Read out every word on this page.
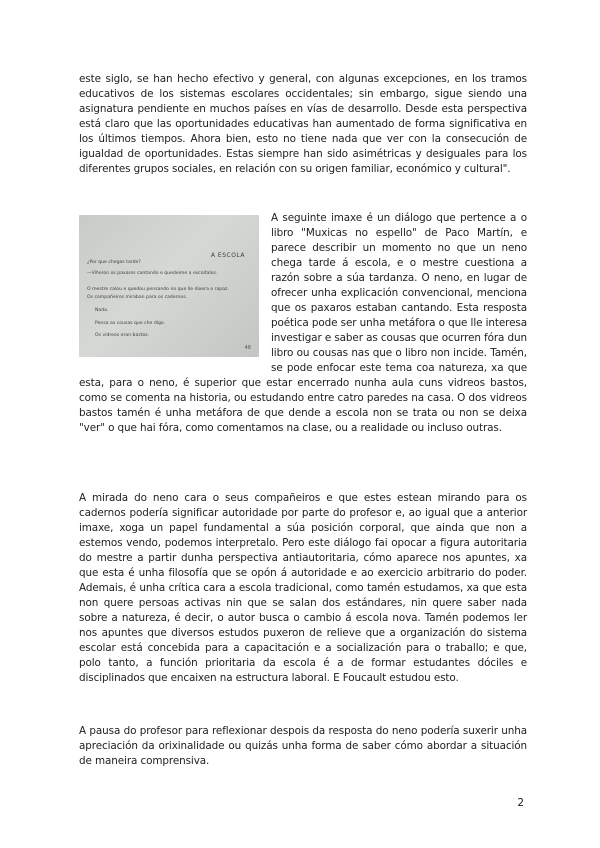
este siglo, se han hecho efectivo y general, con algunas excepciones, en los tramos educativos de los sistemas escolares occidentales; sin embargo, sigue siendo una asignatura pendiente en muchos países en vías de desarrollo. Desde esta perspectiva está claro que las oportunidades educativas han aumentado de forma significativa en los últimos tiempos. Ahora bien, esto no tiene nada que ver con la consecución de igualdad de oportunidades. Estas siempre han sido asimétricas y desiguales para los diferentes grupos sociales, en relación con su origen familiar, económico y cultural".

A ESCOLA
¿Por que chegas tarde?
—Viñeron os paxaros cantando e quedeime a escoitalos.
O mestre calou e quedou pensando no que lle dixera o rapaz.
Os compañeiros miraban para os cadernos.
Nada.
Pensa as cousas que che digo.
Os vidreos eran bastos.
48

A seguinte imaxe é un diálogo que pertence a o libro "Muxicas no espello" de Paco Martín, e parece describir un momento no que un neno chega tarde á escola, e o mestre cuestiona a razón sobre a súa tardanza. O neno, en lugar de ofrecer unha explicación convencional, menciona que os paxaros estaban cantando. Esta resposta poética pode ser unha metáfora o que lle interesa investigar e saber as cousas que ocurren fóra dun libro ou cousas nas que o libro non incide. Tamén, se pode enfocar este tema coa natureza, xa que esta, para o neno, é superior que estar encerrado nunha aula cuns vidreos bastos, como se comenta na historia, ou estudando entre catro paredes na casa. O dos vidreos bastos tamén é unha metáfora de que dende a escola non se trata ou non se deixa "ver" o que hai fóra, como comentamos na clase, ou a realidade ou incluso outras.

A mirada do neno cara o seus compañeiros e que estes estean mirando para os cadernos podería significar autoridade por parte do profesor e, ao igual que a anterior imaxe, xoga un papel fundamental a súa posición corporal, que ainda que non a estemos vendo, podemos interpretalo. Pero este diálogo fai opocar a figura autoritaria do mestre a partir dunha perspectiva antiautoritaria, cómo aparece nos apuntes, xa que esta é unha filosofía que se opón á autoridade e ao exercicio arbitrario do poder. Ademais, é unha crítica cara a escola tradicional, como tamén estudamos, xa que esta non quere persoas activas nin que se salan dos estándares, nin quere saber nada sobre a natureza, é decir, o autor busca o cambio á escola nova. Tamén podemos ler nos apuntes que diversos estudos puxeron de relieve que a organización do sistema escolar está concebida para a capacitación e a socialización para o traballo; e que, polo tanto, a función prioritaria da escola é a de formar estudantes dóciles e disciplinados que encaixen na estructura laboral. E Foucault estudou esto.

A pausa do profesor para reflexionar despois da resposta do neno podería suxerir unha apreciación da orixinalidade ou quizás unha forma de saber cómo abordar a situación de maneira comprensiva.

2
